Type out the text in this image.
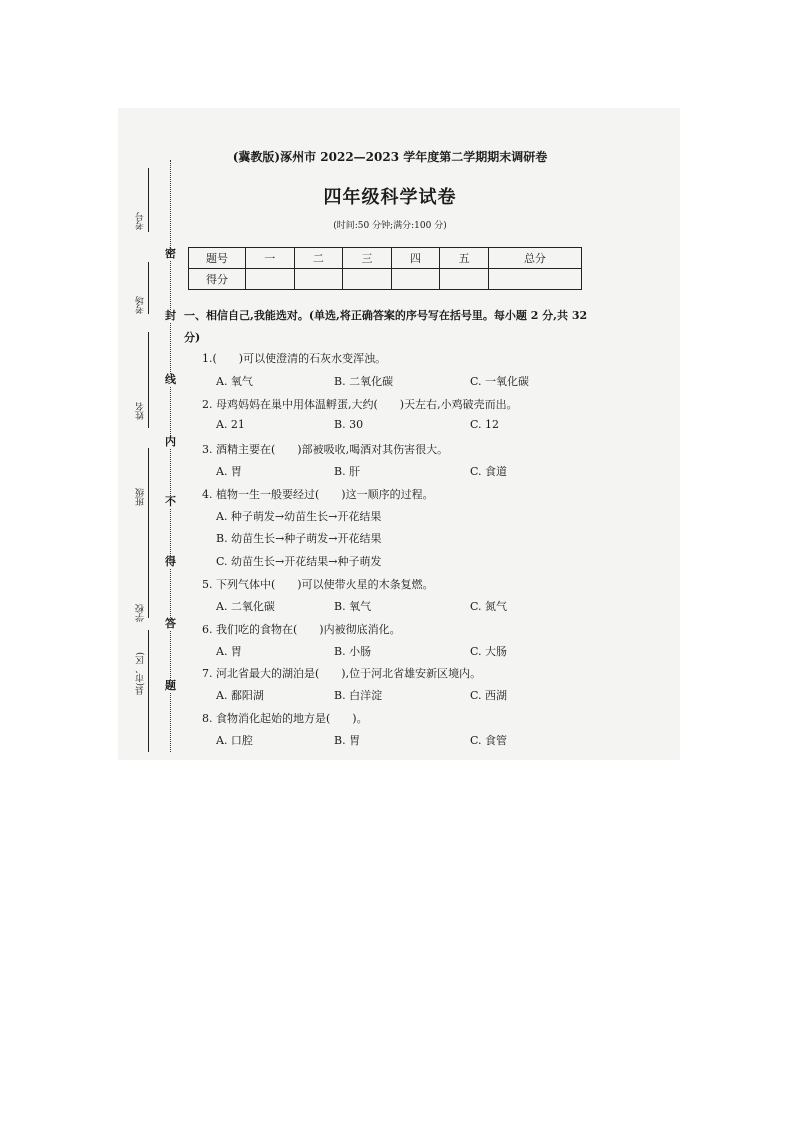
密
封
线
内
不
得
答
题
考号
考场
姓名
班级
学校
县(市、区)
(冀教版)涿州市 2022—2023 学年度第二学期期末调研卷
四年级科学试卷
(时间:50 分钟;满分:100 分)
题号	一	二	三	四	五	总分
得分						
一、相信自己,我能选对。(单选,将正确答案的序号写在括号里。每小题 2 分,共 32 分)
1.(　　)可以使澄清的石灰水变浑浊。
A. 氧气	B. 二氧化碳	C. 一氧化碳
2. 母鸡妈妈在巢中用体温孵蛋,大约(　　)天左右,小鸡破壳而出。
A. 21	B. 30	C. 12
3. 酒精主要在(　　)部被吸收,喝酒对其伤害很大。
A. 胃	B. 肝	C. 食道
4. 植物一生一般要经过(　　)这一顺序的过程。
A. 种子萌发→幼苗生长→开花结果
B. 幼苗生长→种子萌发→开花结果
C. 幼苗生长→开花结果→种子萌发
5. 下列气体中(　　)可以使带火星的木条复燃。
A. 二氧化碳	B. 氧气	C. 氮气
6. 我们吃的食物在(　　)内被彻底消化。
A. 胃	B. 小肠	C. 大肠
7. 河北省最大的湖泊是(　　),位于河北省雄安新区境内。
A. 鄱阳湖	B. 白洋淀	C. 西湖
8. 食物消化起始的地方是(　　)。
A. 口腔	B. 胃	C. 食管
